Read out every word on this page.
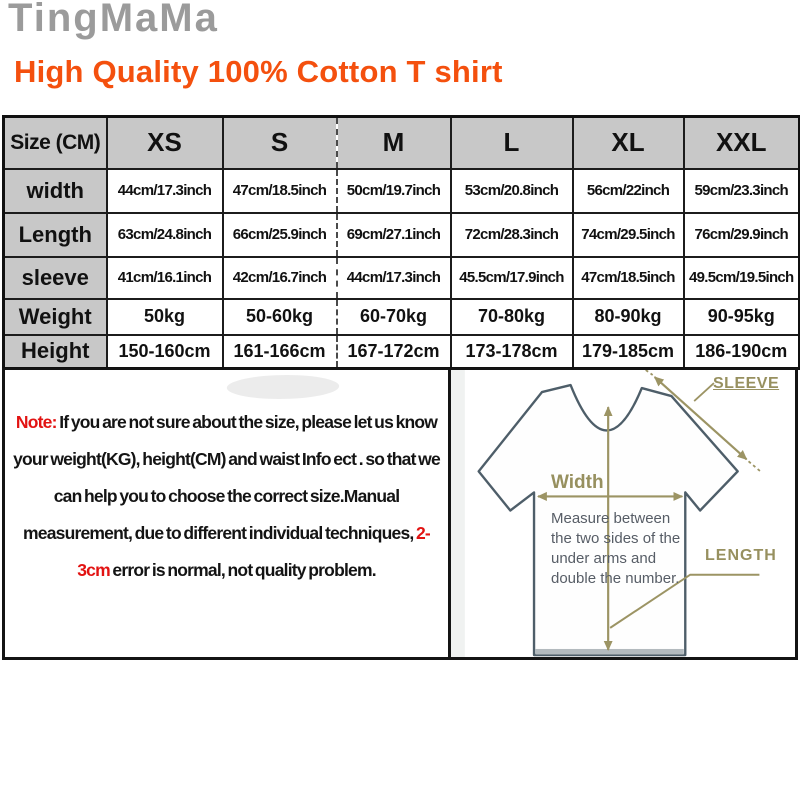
TingMaMa
High Quality 100% Cotton T shirt
Size (CM)	XS	S	M	L	XL	XXL
width	44cm/17.3inch	47cm/18.5inch	50cm/19.7inch	53cm/20.8inch	56cm/22inch	59cm/23.3inch
Length	63cm/24.8inch	66cm/25.9inch	69cm/27.1inch	72cm/28.3inch	74cm/29.5inch	76cm/29.9inch
sleeve	41cm/16.1inch	42cm/16.7inch	44cm/17.3inch	45.5cm/17.9inch	47cm/18.5inch	49.5cm/19.5inch
Weight	50kg	50-60kg	60-70kg	70-80kg	80-90kg	90-95kg
Height	150-160cm	161-166cm	167-172cm	173-178cm	179-185cm	186-190cm

Note: If you are not sure about the size, please let us know your weight(KG), height(CM) and waist Info ect . so that we can help you to choose the correct size.Manual measurement, due to different individual techniques, 2-3cm error is normal, not quality problem.

Width
Measure between the two sides of the under arms and double the number.
SLEEVE
LENGTH
